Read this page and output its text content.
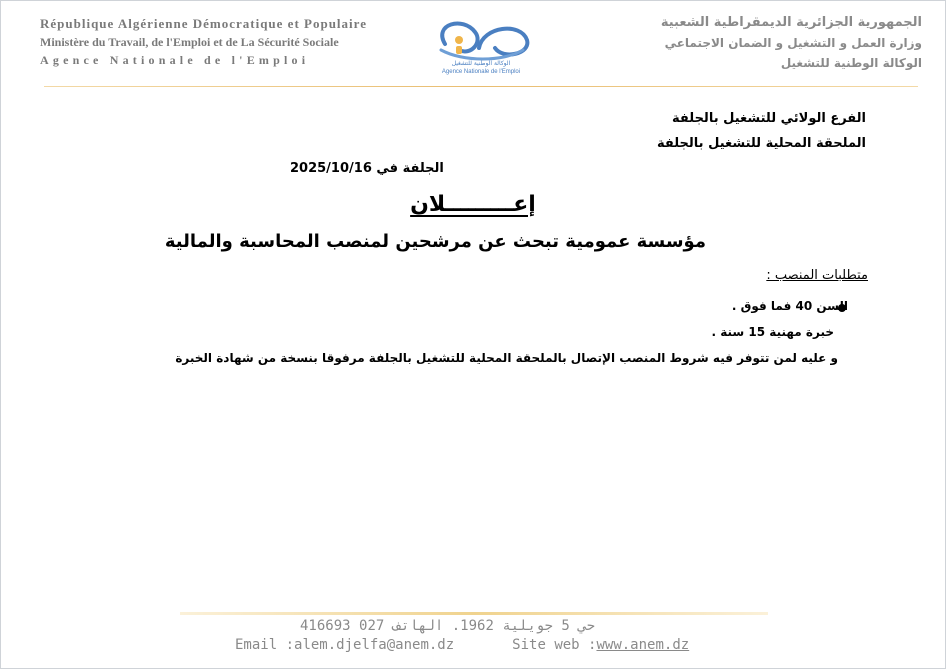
République Algérienne Démocratique et Populaire
Ministère du Travail, de l'Emploi et de La Sécurité Sociale
Agence Nationale de l'Emploi
الجمهورية الجزائرية الديمقراطية الشعبية
وزارة العمل و التشغيل و الضمان الاجتماعي
الوكالة الوطنية للتشغيل
الوكالة الوطنية للتشغيل
Agence Nationale de l'Emploi
الفرع الولائي للتشغيل بالجلفة
الملحقة المحلية للتشغيل بالجلفة
2025/10/16 الجلفة في
إعـــــــــلان
مؤسسة عمومية تبحث عن مرشحين لمنصب المحاسبة والمالية
متطلبات المنصب :
السن 40 فما فوق .
خبرة مهنية 15 سنة .
و عليه لمن تتوفر فيه شروط المنصب الإتصال بالملحقة المحلية للتشغيل بالجلفة مرفوقا بنسخة من شهادة الخبرة
حي 5 جويلية 1962. الهاتف 027 416693
Email :alem.djelfa@anem.dz	Site web :www.anem.dz
